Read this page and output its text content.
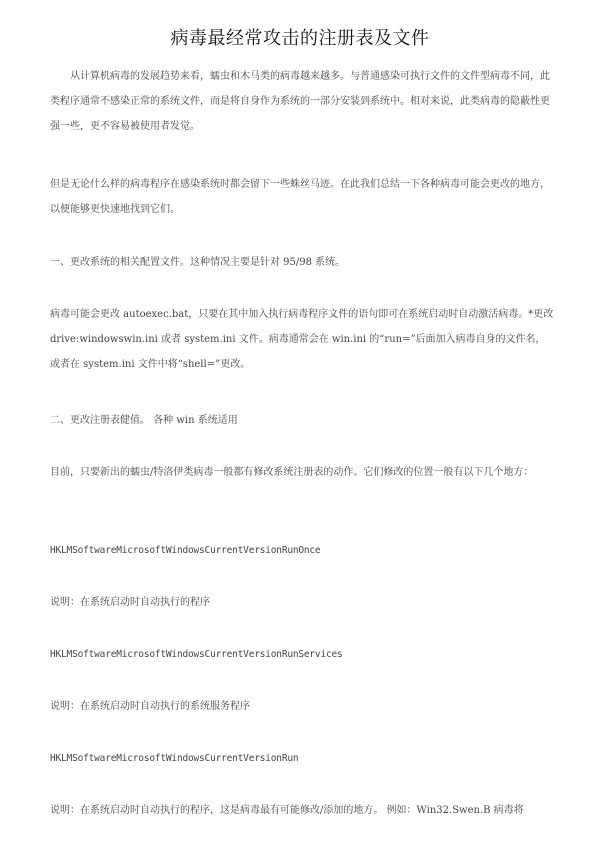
病毒最经常攻击的注册表及文件

从计算机病毒的发展趋势来看，蠕虫和木马类的病毒越来越多。与普通感染可执行文件的文件型病毒不同，此类程序通常不感染正常的系统文件，而是将自身作为系统的一部分安装到系统中。相对来说，此类病毒的隐蔽性更强一些，更不容易被使用者发觉。

但是无论什么样的病毒程序在感染系统时都会留下一些蛛丝马迹。在此我们总结一下各种病毒可能会更改的地方，以便能够更快速地找到它们。

一、更改系统的相关配置文件。这种情况主要是针对 95/98 系统。

病毒可能会更改 autoexec.bat，只要在其中加入执行病毒程序文件的语句即可在系统启动时自动激活病毒。*更改 drive:windowswin.ini 或者 system.ini 文件。病毒通常会在 win.ini 的“run=”后面加入病毒自身的文件名，或者在 system.ini 文件中将“shell=”更改。

二、更改注册表健值。 各种 win 系统适用

目前，只要新出的蠕虫/特洛伊类病毒一般都有修改系统注册表的动作。它们修改的位置一般有以下几个地方：

HKLMSoftwareMicrosoftWindowsCurrentVersionRunOnce

说明：在系统启动时自动执行的程序

HKLMSoftwareMicrosoftWindowsCurrentVersionRunServices

说明：在系统启动时自动执行的系统服务程序

HKLMSoftwareMicrosoftWindowsCurrentVersionRun

说明：在系统启动时自动执行的程序，这是病毒最有可能修改/添加的地方。 例如：Win32.Swen.B 病毒将
